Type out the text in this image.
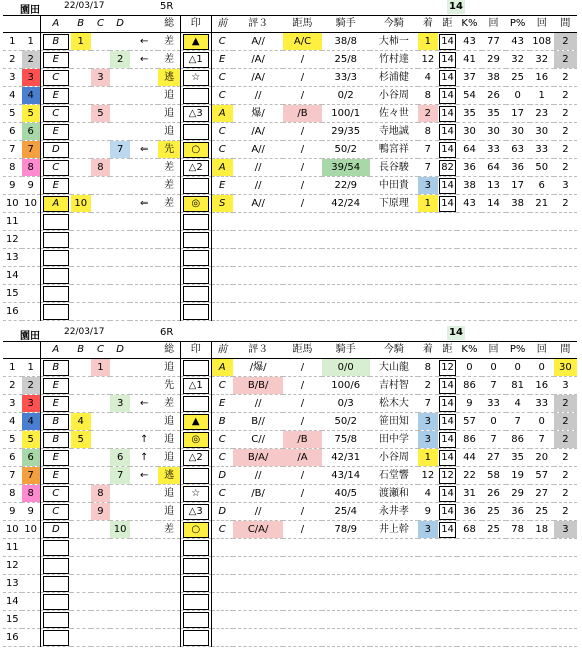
園田	22/03/17	5R	14
		A	B	C	D		総	印	前	評３	距馬	騎手	今騎	着	距	K%	回	P%	回	間
1	1	B	1			←	差	▲	C	A//	A/C	38/8	大柿一	1	14	43	77	43	108	2
2	2	E			2	←	差	△1	E	/A/	/	25/8	竹村達	12	14	41	29	32	32	2
3	3	C		3			逃	☆	C	/A/	/	33/3	杉浦健	4	14	37	38	25	16	2
4	4	E					追		C	//	/	0/2	小谷周	8	14	54	26	0	1	2
5	5	C		5			追	△3	A	爆/	/B	100/1	佐々世	2	14	35	35	17	23	2
6	6	E					追		C	/A/	/	29/35	寺地誠	8	14	30	30	30	30	2
7	7	D			7	⇐	先	○	C	A//	/	50/2	鴨宮祥	7	14	64	33	63	33	2
8	8	C		8			差	△2	A	//	/	39/54	長谷駿	7	82	36	64	36	50	2
9	9	E					差		E	//	/	22/9	中田貴	3	14	38	13	17	6	3
10	10	A	10			⇐	差	◎	S	A//	/	42/24	下原理	1	14	43	14	38	21	2
11		

12		

13		

14		

15		

16		

園田	22/03/17	6R	14
		A	B	C	D		総	印	前	評３	距馬	騎手	今騎	着	距	K%	回	P%	回	間
1	1	B		1			追		A	/爆/	/	0/0	大山龍	8	12	0	0	0	0	30
2	2	E					先	△1	C	B/B/	/	100/6	吉村智	2	14	86	7	81	16	3
3	3	E			3	←	差		E	//	/	0/3	松木大	7	14	9	33	4	33	2
4	4	B	4				追	▲	B	B//	/	50/2	笹田知	3	14	57	0	7	0	2
5	5	B	5			↑	追	◎	C	C//	/B	75/8	田中学	3	14	86	7	86	7	2
6	6	E			6	↑	追	△2	C	B/A/	/A	42/31	小谷周	1	14	44	27	35	20	2
7	7	E			7	←	逃		D	//	/	43/14	石堂響	12	12	22	58	19	57	2
8	8	C		8			追	☆	C	/B/	/	40/5	渡瀬和	4	14	31	26	29	27	2
9	9	C		9			追	△3	D	//	/	25/4	永井孝	9	14	36	25	36	25	2
10	10	D			10		差	○	C	C/A/	/	78/9	井上幹	3	14	68	25	78	18	3
11		

12		

13		

14		

15		

16		
